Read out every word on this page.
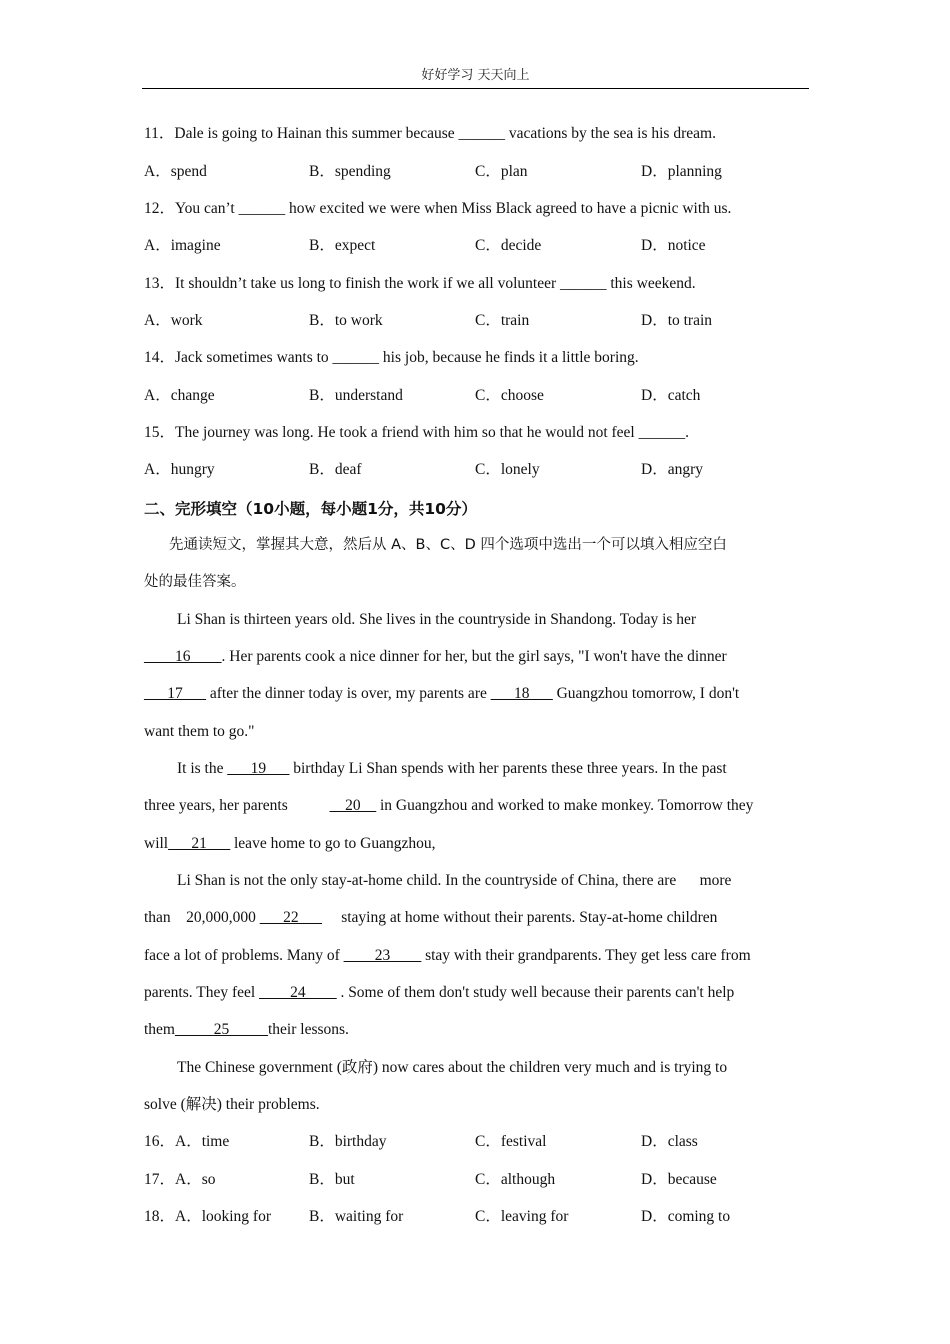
好好学习 天天向上
11．Dale is going to Hainan this summer because ______ vacations by the sea is his dream.
A．spend	B．spending	C．plan	D．planning
12．You can’t ______ how excited we were when Miss Black agreed to have a picnic with us.
A．imagine	B．expect	C．decide	D．notice
13．It shouldn’t take us long to finish the work if we all volunteer ______ this weekend.
A．work	B．to work	C．train	D．to train
14．Jack sometimes wants to ______ his job, because he finds it a little boring.
A．change	B．understand	C．choose	D．catch
15．The journey was long. He took a friend with him so that he would not feel ______.
A．hungry	B．deaf	C．lonely	D．angry
二、完形填空（10小题，每小题1分，共10分）
先通读短文，掌握其大意，然后从 A、B、C、D 四个选项中选出一个可以填入相应空白
处的最佳答案。
Li Shan is thirteen years old. She lives in the countryside in Shandong. Today is her
____16____. Her parents cook a nice dinner for her, but the girl says, "I won't have the dinner
___17___ after the dinner today is over, my parents are ___18___ Guangzhou tomorrow, I don't
want them to go."
It is the ___19___ birthday Li Shan spends with her parents these three years. In the past
three years, her parents __20__ in Guangzhou and worked to make monkey. Tomorrow they
will___21___ leave home to go to Guangzhou,
Li Shan is not the only stay-at-home child. In the countryside of China, there are      more
than    20,000,000 ___22___     staying at home without their parents. Stay-at-home children
face a lot of problems. Many of ____23____ stay with their grandparents. They get less care from
parents. They feel ____24____ . Some of them don't study well because their parents can't help
them_____25_____their lessons.
The Chinese government (政府) now cares about the children very much and is trying to
solve (解决) their problems.
16．A．time	B．birthday	C．festival	D．class
17．A．so	B．but	C．although	D．because
18．A．looking for B．waiting for	C．leaving for	D．coming to
